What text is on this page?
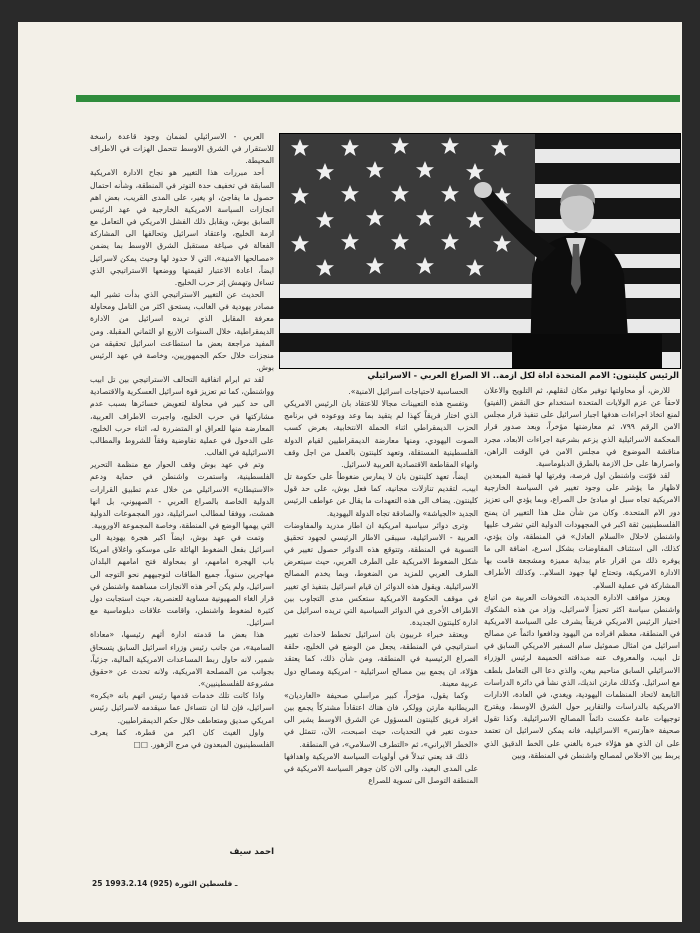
الرئيس كلينتون: الامم المتحدة اداة لكل ازمة.. الا الصراع العربي - الاسرائيلي

للارض، أو محاولتها توفير مكان لنقلهم، ثم التلويح والاعلان لاحقاً عن عزم الولايات المتحدة استخدام حق النقض (الفيتو) لمنع اتخاذ اجراءات هدفها اجبار اسرائيل على تنفيذ قرار مجلس الامن الرقم ٧٩٩، ثم معارضتها مؤخراً، وبعد صدور قرار المحكمة الاسرائيلية الذي يزعم بشرعية اجراءات الابعاد، مجرد مناقشة الموضوع في مجلس الامن في الوقت الراهن، واصرارها على حل الازمة بالطرق الدبلوماسية.

لقد فوّتت واشنطن اول فرصة، وفرتها لها قضية المبعدين لاظهار ما يؤشر على وجود تغيير في السياسة الخارجية الامريكية تجاه سبل او مبادئ حل الصراع، وبما يؤدي الى تعزيز دور الام المتحدة. وكان من شأن مثل هذا التغيير ان يمنح الفلسطينيين ثقة اكبر في المجهودات الدولية التي تشرف عليها واشنطن لاحلال «السلام العادل» في المنطقة، وان يؤدي، كذلك، الى استئناف المفاوضات بشكل اسرع، اضافة الى ما يوفره ذلك من اقرار عام ببداية مميزة ومشجعة قامت بها الادارة الامريكية، وتحتاج لها جهود السلام.. وكذلك الأطراف المشاركة في عملية السلام.

ويعزز مواقف الادارة الجديدة، التخوفات العربية من اتباع واشنطن سياسة اكثر تحيزاً لاسرائيل، وزاد من هذه الشكوك اختيار الرئيس الامريكي فريقاً يشرف على السياسة الامريكية في المنطقة، معظم افراده من اليهود ودافعوا دائماً عن مصالح اسرائيل من امثال صموئيل سام السفير الامريكي السابق في تل ابيب، والمعروف عنه صداقته الحميمة لرئيس الوزراء الاسرائيلي السابق مناحيم بيغن، والذي دعا الى التعامل بلطف مع اسرائيل. وكذلك مارتن انديك، الذي نشأ في دائرة الدراسات التابعة لاتحاد المنظمات اليهودية، ويغدي، في العادة، الادارات الامريكية بالدراسات والتقارير حول الشرق الاوسط، ويقترح توجيهات عامة عكست دائماً المصالح الاسرائيلية. وكذا تقول صحيفة «هآرتس» الاسرائيلية، فانه يمكن لاسرائيل ان تعتمد على ان الذي هو هؤلاء خبرة بالغني على الخط الدقيق الذي يربط بين الاخلاص لمصالح واشنطن في المنطقة، وبين

الحساسية لاحتياجات اسرائيل الامنية».

وتفسح هذه التعيينات مجالا للاعتقاد بان الرئيس الامريكي الذي اختار فريقاً كهذا لم يتقيد بما وعد ووعوده في برنامج الحزب الديمقراطي اثناء الحملة الانتخابية، بغرض كسب الصوت اليهودي، ومنها معارضة الديمقراطيين لقيام الدولة الفلسطينية المستقلة، وتعهد كلينتون بالعمل من اجل وقف وانهاء المقاطعة الاقتصادية العربية لاسرائيل.

ايضاً، تعهد كلينتون بان لا يمارس ضغوطاً على حكومة تل ابيب، لتقديم تنازلات مجانية، كما فعل بوش، على حد قول كلينتون. يضاف الى هذه التعهدات ما يقال عن عواطف الرئيس الجديد «الجياشة» والصادقة تجاه الدولة اليهودية.

وترى دوائر سياسية امريكية ان اطار مدريد والمفاوضات العربية - الاسرائيلية، سيبقى الاطار الرئيسي لجهود تحقيق التسوية في المنطقة، وتتوقع هذه الدوائر حصول تغيير في شكل الضغوط الامريكية على الطرف العربي، حيث سيتعرض الطرف العربي للمزيد من الضغوط، وبما يخدم المصالح الاسرائيلية. ويقول هذه الدوائر ان قيام اسرائيل بتنفيذ اي تغيير في موقف الحكومة الامريكية ستعكس مدى التجاوب بين الاطراف الأخرى في الدوائر السياسية التي تريده اسرائيل من ادارة كلينتون الجديدة.

ويعتقد خبراء غربيون بان اسرائيل تخطط لاحداث تغيير استراتيجي في المنطقة، يجعل من الوضع في الخليج، حلقة الصراع الرئيسية في المنطقة، ومن شأن ذلك، كما يعتقد هؤلاء، ان يجمع بين مصالح اسرائيلية - امريكية ومصالح دول عربية معينة.

وكما يقول، مؤخراً، كبير مراسلي صحيفة «الغارديان» البريطانية مارتن وولكر، فان هناك اعتقاداً مشتركاً يجمع بين افراد فريق كلينتون المسؤول عن الشرق الاوسط يشير الى حدوث تغير في التحديات، حيث اصبحت، الآن، تتمثل في «الخطر الايراني»، ثم «التطرف الاسلامي»، في المنطقة.

ذلك قد يعني تبدلاً في أولويات السياسة الامريكية واهدافها على المدى البعيد، والى الان كان جوهر السياسة الامريكية في المنطقة التوصل الى تسوية للصراع

العربي - الاسرائيلي لضمان وجود قاعدة راسخة للاستقرار في الشرق الاوسط تتحمل الهزات في الاطراف المحيطة.

أحد مبررات هذا التغيير هو نجاح الادارة الامريكية السابقة في تخفيف حدة التوتر في المنطقة، وشأنه احتمال حصول ما يفاجئ، او يغير، على المدى القريب، بعض اهم انجازات السياسة الامريكية الخارجية في عهد الرئيس السابق بوش، ويقابل ذلك الفشل الامريكي في التعامل مع ازمة الخليج، واعتقاد اسرائيل وتحالفها الى المشاركة الفعالة في صياغة مستقبل الشرق الاوسط بما يضمن «مصالحها الامنية»، التي لا حدود لها وحيث يمكن لاسرائيل ايضاً، اعادة الاعتبار لقيمتها ووضعها الاستراتيجي الذي تساءل وتهمش إثر حرب الخليج.

الحديث عن التغيير الاستراتيجي الذي بدأت تشير اليه مصادر يهودية في الغالب، يستحق اكثر من التامل ومحاولة معرفة المقابل الذي تريده اسرائيل من الادارة الديمقراطية، خلال السنوات الاربع او الثماني المقبلة. ومن المفيد مراجعة بعض ما استطاعت اسرائيل تحقيقه من منجزات خلال حكم الجمهوريين، وخاصة في عهد الرئيس بوش.

لقد تم ابرام اتفاقية التحالف الاستراتيجي بين تل ابيب وواشنطن، كما تم تعزيز قوة اسرائيل العسكرية والاقتصادية الى حد كبير في محاولة لتعويض خسائرها بسبب عدم مشاركتها في حرب الخليج، واجبرت الاطراف العربية، المعارضة منها للعراق او المتضررة له، اثناء حرب الخليج، على الدخول في عملية تفاوضية وفقاً للشروط والمطالب الاسرائيلية في الغالب.

وتم في عهد بوش وقف الحوار مع منظمة التحرير الفلسطينية، واستمرت واشنطن في حماية ودعم «الاستيطان» الاسرائيلي من خلال عدم تطبيق القرارات الدولية الخاصة بالصراع العربي - الصهيوني، بل انها همشت، ووفقا لمطالب اسرائيلية، دور المجموعات الدولية التي يهمها الوضع في المنطقة، وخاصة المجموعة الاوروبية.

وتمت في عهد بوش، ايضاً اكبر هجرة يهودية الى اسرائيل بفعل الضغوط الهائلة على موسكو، واغلاق امريكا باب الهجرة امامهم، او بمحاولة فتح امامهم البلدان مهاجرين سنوياً، جميع الطاقات لتوجيههم نحو التوجه الى اسرائيل، ولم يكن آخر هذه الانجازات مساهمة واشنطن في قرار الغاء الصهيونية مساوية للعنصرية، حيث استجابت دول كثيرة لضغوط واشنطن، واقامت علاقات دبلوماسية مع اسرائيل.

هذا بعض ما قدمته ادارة أثهم رئيسها، «معاداة السامية»، من جانب رئيس وزراء اسرائيل السابق يتسحاق شمير، لانه حاول ربط المساعدات الامريكية المالية، جزئياً، بجوانب من المصلحة الامريكية، ولانه تحدث عن «حقوق مشروعة للفلسطينيين».

واذا كانت تلك خدمات قدمها رئيس اتهم بانه «يكره» اسرائيل، فإن لنا ان نتساءل عما سيقدمه لاسرائيل رئيس امريكي صديق ومتعاطف خلال حكم الديمقراطيين.

واول الغيث كان اكبر من قطرة، كما يعرف الفلسطينيون المبعدون في مرج الزهور. □□

احمد سيف
25 ـ فلسطين الثورة (925) 1993.2.14
